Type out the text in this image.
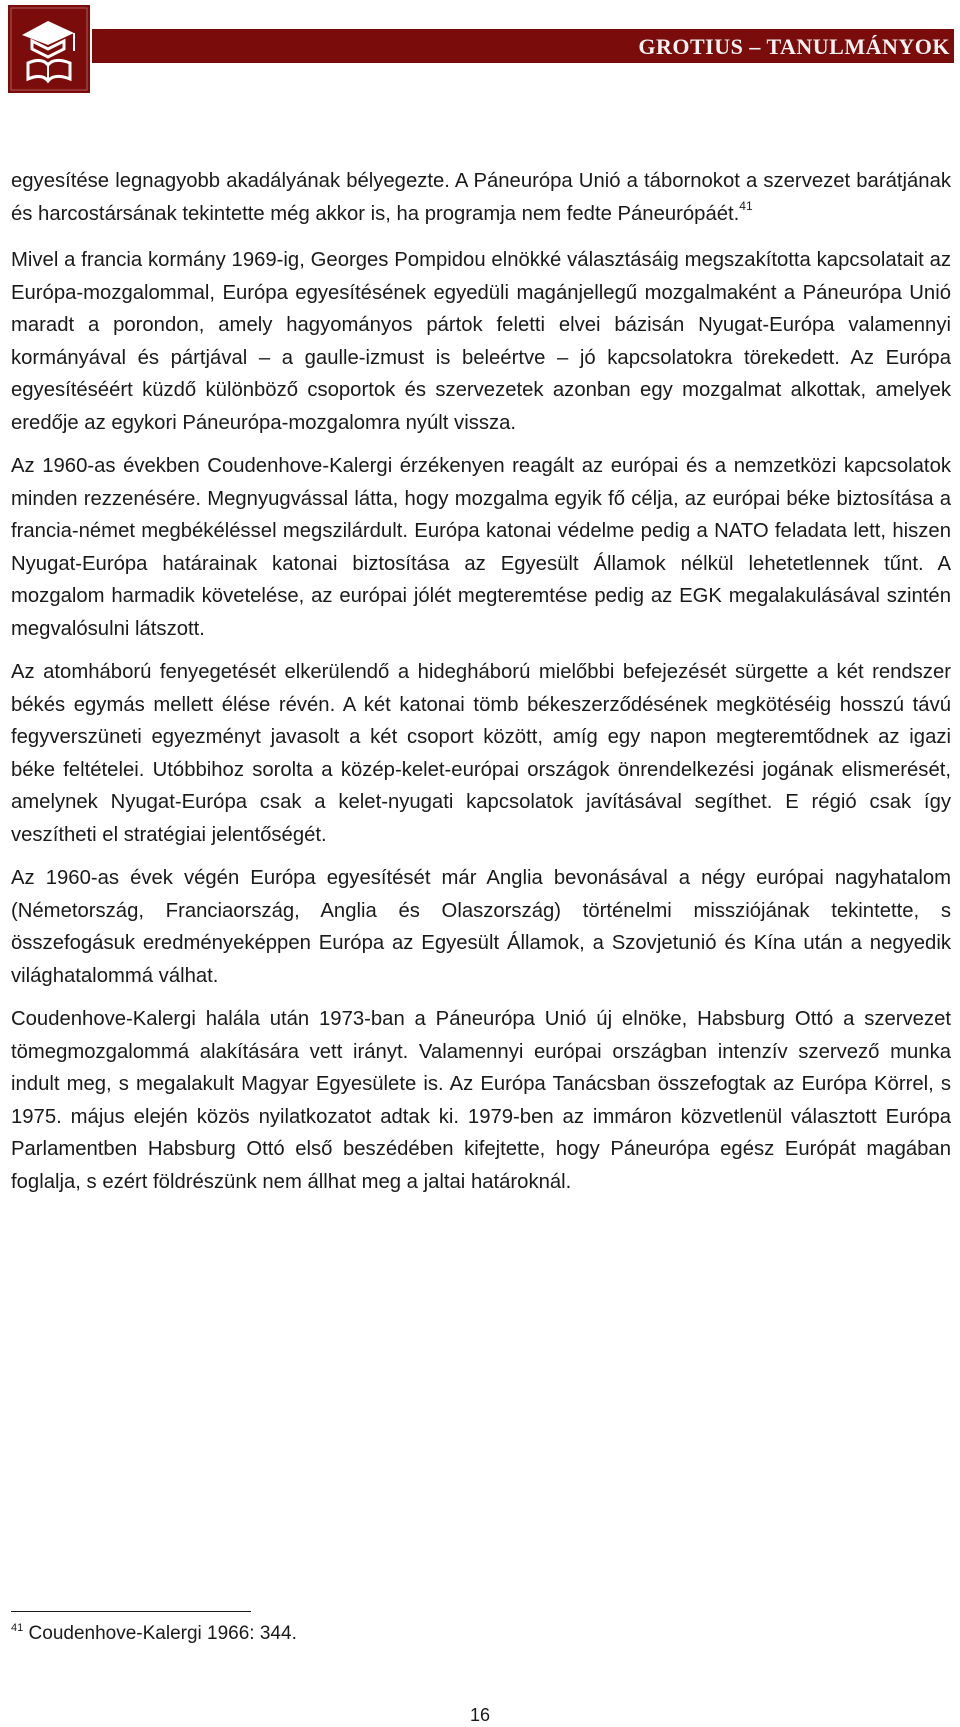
GROTIUS – TANULMÁNYOK

egyesítése legnagyobb akadályának bélyegezte. A Páneurópa Unió a tábornokot a szervezet barátjának és harcostársának tekintette még akkor is, ha programja nem fedte Páneurópáét.$^{41}$

Mivel a francia kormány 1969-ig, Georges Pompidou elnökké választásáig megszakította kapcsolatait az Európa-mozgalommal, Európa egyesítésének egyedüli magánjellegű mozgalmaként a Páneurópa Unió maradt a porondon, amely hagyományos pártok feletti elvei bázisán Nyugat-Európa valamennyi kormányával és pártjával – a gaulle-izmust is beleértve – jó kapcsolatokra törekedett. Az Európa egyesítéséért küzdő különböző csoportok és szervezetek azonban egy mozgalmat alkottak, amelyek eredője az egykori Páneurópa-mozgalomra nyúlt vissza.

Az 1960-as években Coudenhove-Kalergi érzékenyen reagált az európai és a nemzetközi kapcsolatok minden rezzenésére. Megnyugvással látta, hogy mozgalma egyik fő célja, az európai béke biztosítása a francia-német megbékéléssel megszilárdult. Európa katonai védelme pedig a NATO feladata lett, hiszen Nyugat-Európa határainak katonai biztosítása az Egyesült Államok nélkül lehetetlennek tűnt. A mozgalom harmadik követelése, az európai jólét megteremtése pedig az EGK megalakulásával szintén megvalósulni látszott.

Az atomháború fenyegetését elkerülendő a hidegháború mielőbbi befejezését sürgette a két rendszer békés egymás mellett élése révén. A két katonai tömb békeszerződésének megkötéséig hosszú távú fegyverszüneti egyezményt javasolt a két csoport között, amíg egy napon megteremtődnek az igazi béke feltételei. Utóbbihoz sorolta a közép-kelet-európai országok önrendelkezési jogának elismerését, amelynek Nyugat-Európa csak a kelet-nyugati kapcsolatok javításával segíthet. E régió csak így veszítheti el stratégiai jelentőségét.

Az 1960-as évek végén Európa egyesítését már Anglia bevonásával a négy európai nagyhatalom (Németország, Franciaország, Anglia és Olaszország) történelmi missziójának tekintette, s összefogásuk eredményeképpen Európa az Egyesült Államok, a Szovjetunió és Kína után a negyedik világhatalommá válhat.

Coudenhove-Kalergi halála után 1973-ban a Páneurópa Unió új elnöke, Habsburg Ottó a szervezet tömegmozgalommá alakítására vett irányt. Valamennyi európai országban intenzív szervező munka indult meg, s megalakult Magyar Egyesülete is. Az Európa Tanácsban összefogtak az Európa Körrel, s 1975. május elején közös nyilatkozatot adtak ki. 1979-ben az immáron közvetlenül választott Európa Parlamentben Habsburg Ottó első beszédében kifejtette, hogy Páneurópa egész Európát magában foglalja, s ezért földrészünk nem állhat meg a jaltai határoknál.

$^{41}$ Coudenhove-Kalergi 1966: 344.
16
